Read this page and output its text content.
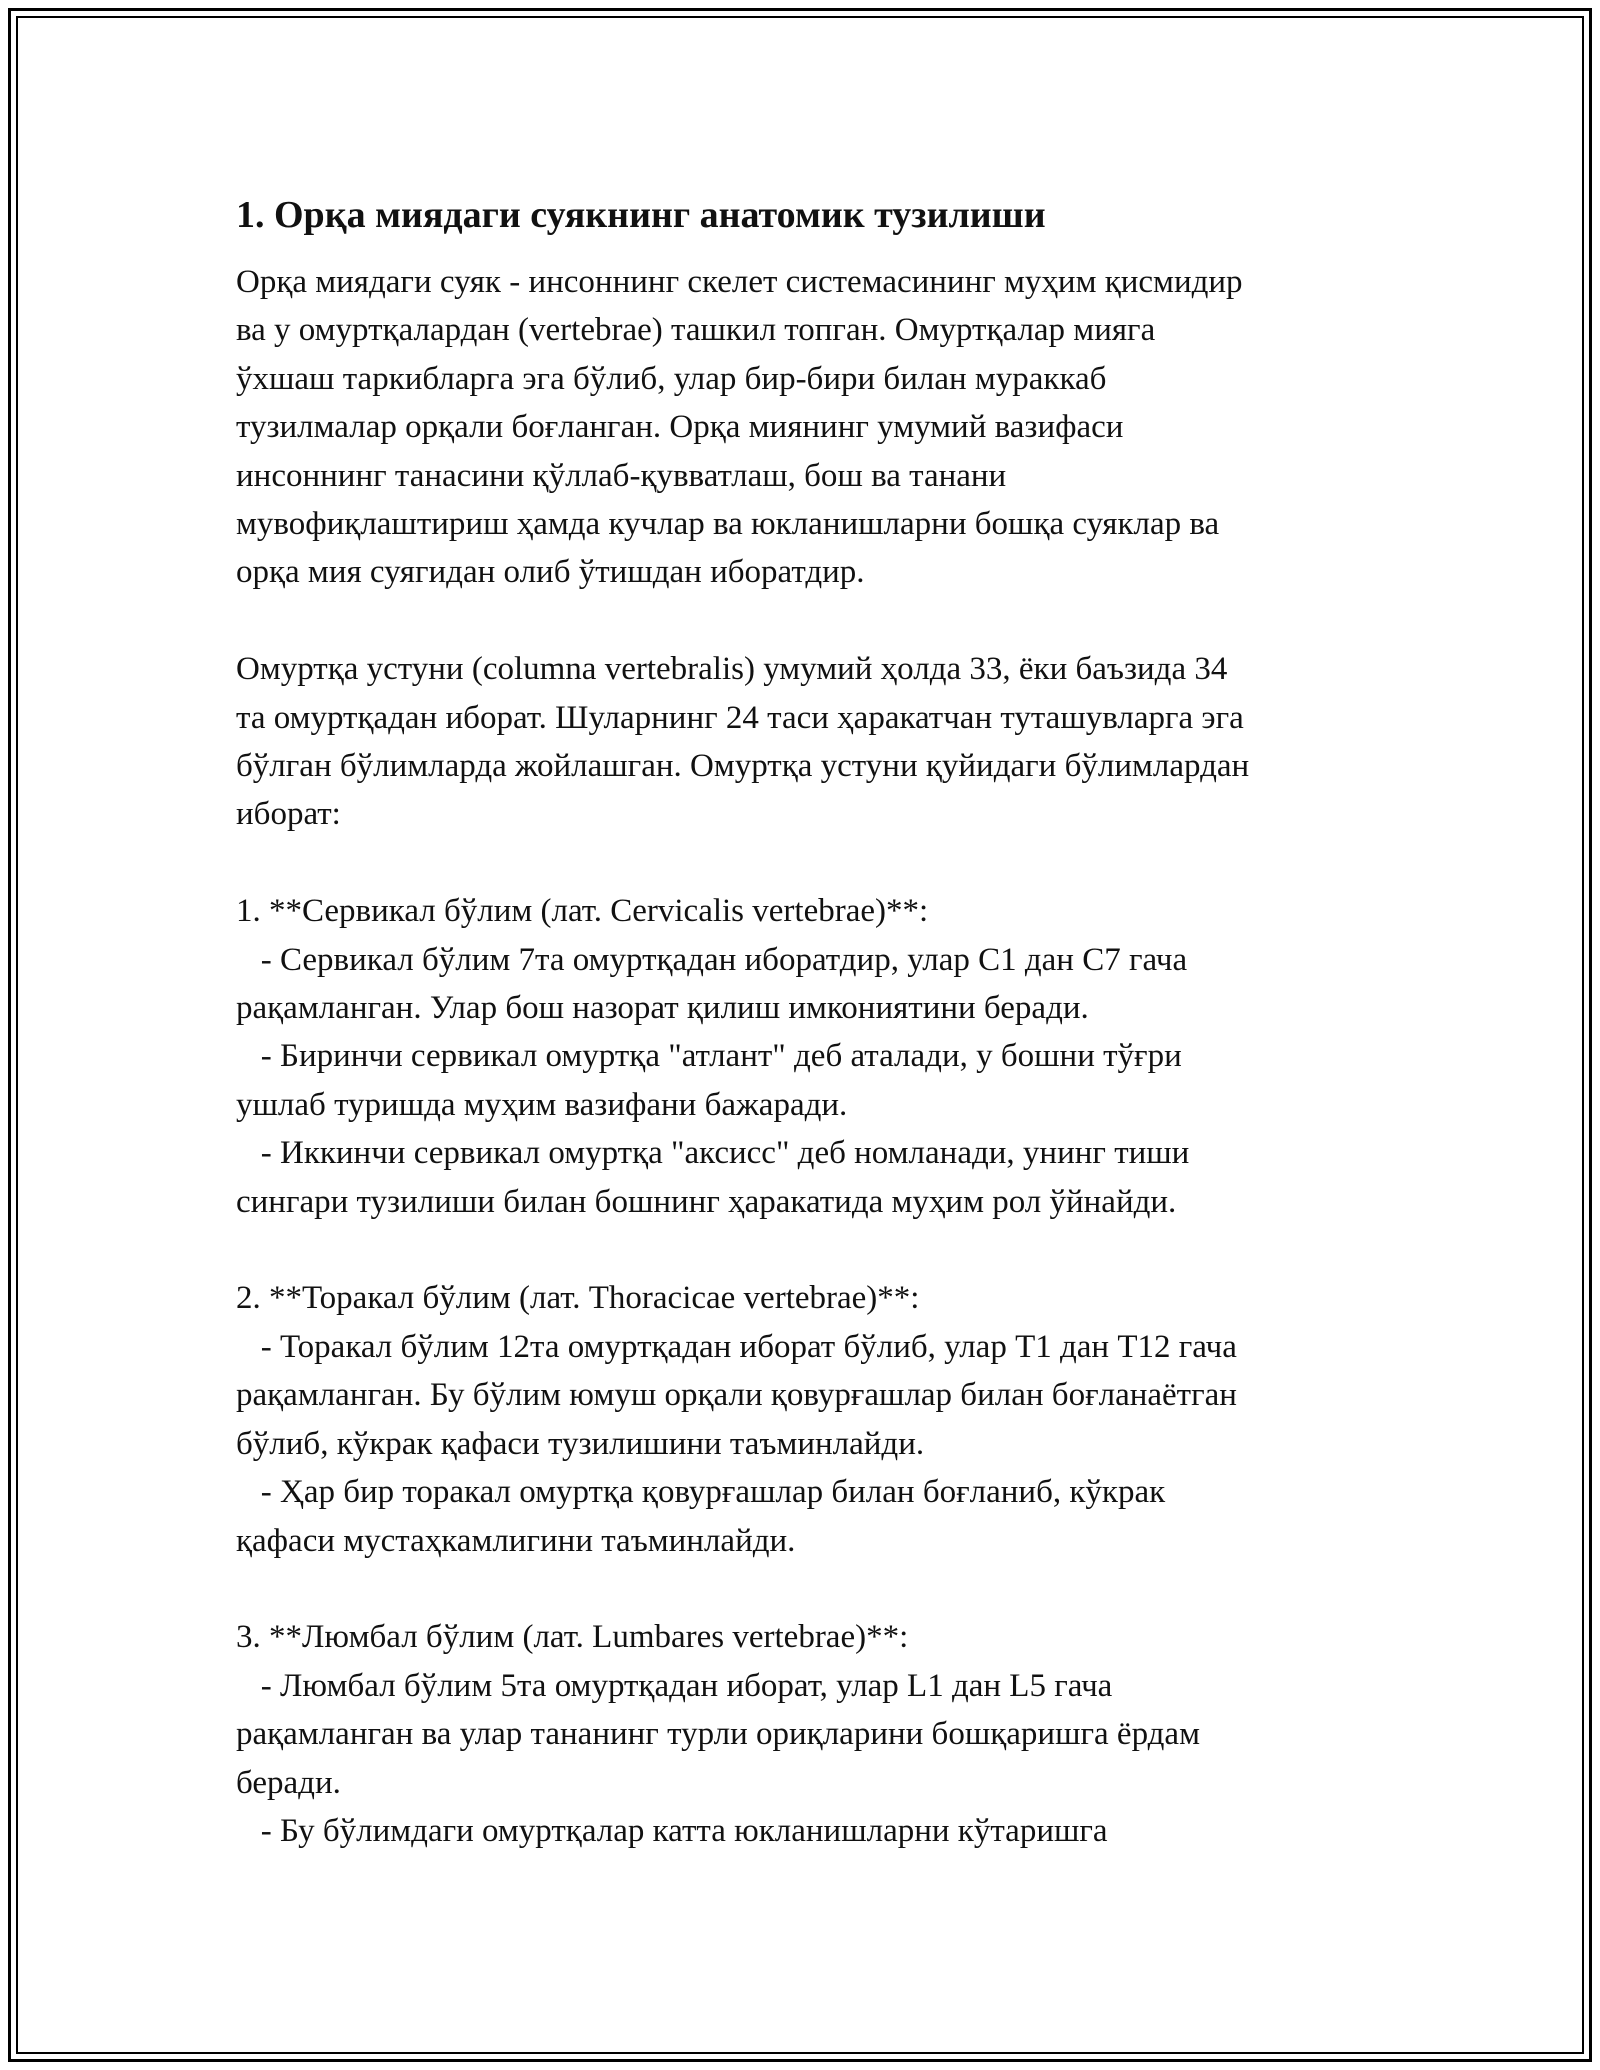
1. Орқа миядаги суякнинг анатомик тузилиши

Орқа миядаги суяк - инсоннинг скелет системасининг муҳим қисмидир
ва у омуртқалардан (vertebrae) ташкил топган. Омуртқалар мияга
ўхшаш таркибларга эга бўлиб, улар бир-бири билан мураккаб
тузилмалар орқали боғланган. Орқа миянинг умумий вазифаси
инсоннинг танасини қўллаб-қувватлаш, бош ва танани
мувофиқлаштириш ҳамда кучлар ва юкланишларни бошқа суяклар ва
орқа мия суягидан олиб ўтишдан иборатдир.

Омуртқа устуни (columna vertebralis) умумий ҳолда 33, ёки баъзида 34
та омуртқадан иборат. Шуларнинг 24 таси ҳаракатчан туташувларга эга
бўлган бўлимларда жойлашган. Омуртқа устуни қуйидаги бўлимлардан
иборат:

1. **Сервикал бўлим (лат. Cervicalis vertebrae)**:
- Сервикал бўлим 7та омуртқадан иборатдир, улар C1 дан C7 гача
рақамланган. Улар бош назорат қилиш имкониятини беради.
- Биринчи сервикал омуртқа "атлант" деб аталади, у бошни тўғри
ушлаб туришда муҳим вазифани бажаради.
- Иккинчи сервикал омуртқа "аксисс" деб номланади, унинг тиши
сингари тузилиши билан бошнинг ҳаракатида муҳим рол ўйнайди.

2. **Торакал бўлим (лат. Thoracicae vertebrae)**:
- Торакал бўлим 12та омуртқадан иборат бўлиб, улар T1 дан T12 гача
рақамланган. Бу бўлим юмуш орқали қовурғашлар билан боғланаётган
бўлиб, кўкрак қафаси тузилишини таъминлайди.
- Ҳар бир торакал омуртқа қовурғашлар билан боғланиб, кўкрак
қафаси мустаҳкамлигини таъминлайди.

3. **Люмбал бўлим (лат. Lumbares vertebrae)**:
- Люмбал бўлим 5та омуртқадан иборат, улар L1 дан L5 гача
рақамланган ва улар тананинг турли ориқларини бошқаришга ёрдам
беради.
- Бу бўлимдаги омуртқалар катта юкланишларни кўтаришга
